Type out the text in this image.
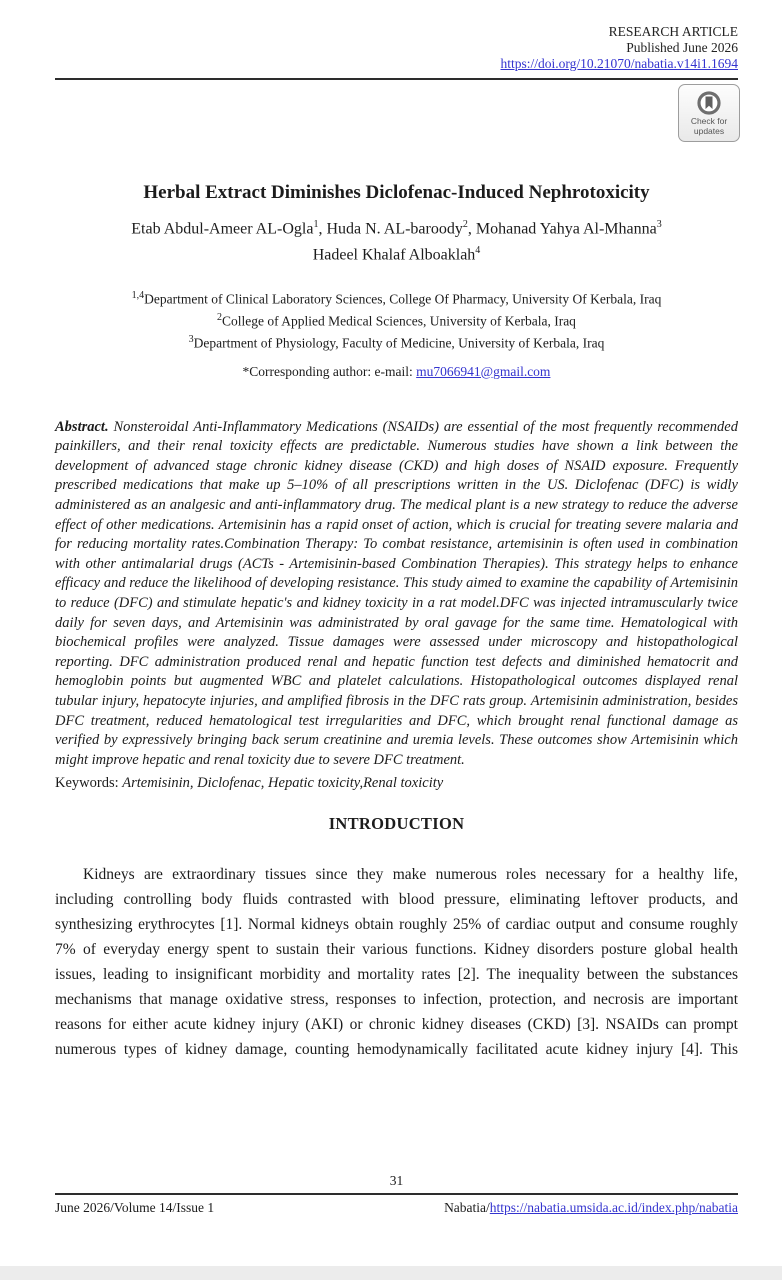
RESEARCH ARTICLE
Published June 2026
https://doi.org/10.21070/nabatia.v14i1.1694
Check for
updates
Herbal Extract Diminishes Diclofenac-Induced Nephrotoxicity
Etab Abdul-Ameer AL-Ogla$^1$, Huda N. AL-baroody$^2$, Mohanad Yahya Al-Mhanna$^3$
Hadeel Khalaf Alboaklah$^4$
$^{1,4}$Department of Clinical Laboratory Sciences, College Of Pharmacy, University Of Kerbala, Iraq
$^2$College of Applied Medical Sciences, University of Kerbala, Iraq
$^3$Department of Physiology, Faculty of Medicine, University of Kerbala, Iraq
*Corresponding author: e-mail: mu7066941@gmail.com

Abstract. Nonsteroidal Anti-Inflammatory Medications (NSAIDs) are essential of the most frequently recommended painkillers, and their renal toxicity effects are predictable. Numerous studies have shown a link between the development of advanced stage chronic kidney disease (CKD) and high doses of NSAID exposure. Frequently prescribed medications that make up 5–10% of all prescriptions written in the US. Diclofenac (DFC) is widly administered as an analgesic and anti-inflammatory drug. The medical plant is a new strategy to reduce the adverse effect of other medications. Artemisinin has a rapid onset of action, which is crucial for treating severe malaria and for reducing mortality rates.Combination Therapy: To combat resistance, artemisinin is often used in combination with other antimalarial drugs (ACTs - Artemisinin-based Combination Therapies). This strategy helps to enhance efficacy and reduce the likelihood of developing resistance. This study aimed to examine the capability of Artemisinin to reduce (DFC) and stimulate hepatic's and kidney toxicity in a rat model.DFC was injected intramuscularly twice daily for seven days, and Artemisinin was administrated by oral gavage for the same time. Hematological with biochemical profiles were analyzed. Tissue damages were assessed under microscopy and histopathological reporting. DFC administration produced renal and hepatic function test defects and diminished hematocrit and hemoglobin points but augmented WBC and platelet calculations. Histopathological outcomes displayed renal tubular injury, hepatocyte injuries, and amplified fibrosis in the DFC rats group. Artemisinin administration, besides DFC treatment, reduced hematological test irregularities and DFC, which brought renal functional damage as verified by expressively bringing back serum creatinine and uremia levels. These outcomes show Artemisinin which might improve hepatic and renal toxicity due to severe DFC treatment.

Keywords: Artemisinin, Diclofenac, Hepatic toxicity,Renal toxicity

INTRODUCTION

Kidneys are extraordinary tissues since they make numerous roles necessary for a healthy life, including controlling body fluids contrasted with blood pressure, eliminating leftover products, and synthesizing erythrocytes [1]. Normal kidneys obtain roughly 25% of cardiac output and consume roughly 7% of everyday energy spent to sustain their various functions. Kidney disorders posture global health issues, leading to insignificant morbidity and mortality rates [2]. The inequality between the substances mechanisms that manage oxidative stress, responses to infection, protection, and necrosis are important reasons for either acute kidney injury (AKI) or chronic kidney diseases (CKD) [3]. NSAIDs can prompt numerous types of kidney damage, counting hemodynamically facilitated acute kidney injury [4]. This

31
June 2026/Volume 14/Issue 1	Nabatia/https://nabatia.umsida.ac.id/index.php/nabatia
